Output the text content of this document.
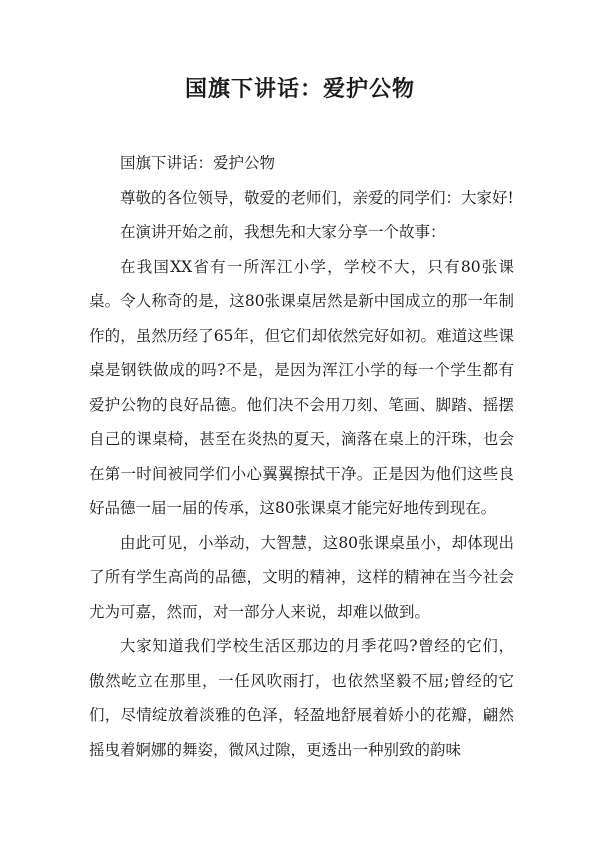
国旗下讲话：爱护公物

国旗下讲话：爱护公物

尊敬的各位领导，敬爱的老师们，亲爱的同学们：大家好!

在演讲开始之前，我想先和大家分享一个故事：

在我国XX省有一所浑江小学，学校不大，只有80张课桌。令人称奇的是，这80张课桌居然是新中国成立的那一年制作的，虽然历经了65年，但它们却依然完好如初。难道这些课桌是钢铁做成的吗?不是，是因为浑江小学的每一个学生都有爱护公物的良好品德。他们决不会用刀刻、笔画、脚踏、摇摆自己的课桌椅，甚至在炎热的夏天，滴落在桌上的汗珠，也会在第一时间被同学们小心翼翼擦拭干净。正是因为他们这些良好品德一届一届的传承，这80张课桌才能完好地传到现在。

由此可见，小举动，大智慧，这80张课桌虽小，却体现出了所有学生高尚的品德，文明的精神，这样的精神在当今社会尤为可嘉，然而，对一部分人来说，却难以做到。

大家知道我们学校生活区那边的月季花吗?曾经的它们，傲然屹立在那里，一任风吹雨打，也依然坚毅不屈;曾经的它们，尽情绽放着淡雅的色泽，轻盈地舒展着娇小的花瓣，翩然摇曳着婀娜的舞姿，微风过隙，更透出一种别致的韵味
